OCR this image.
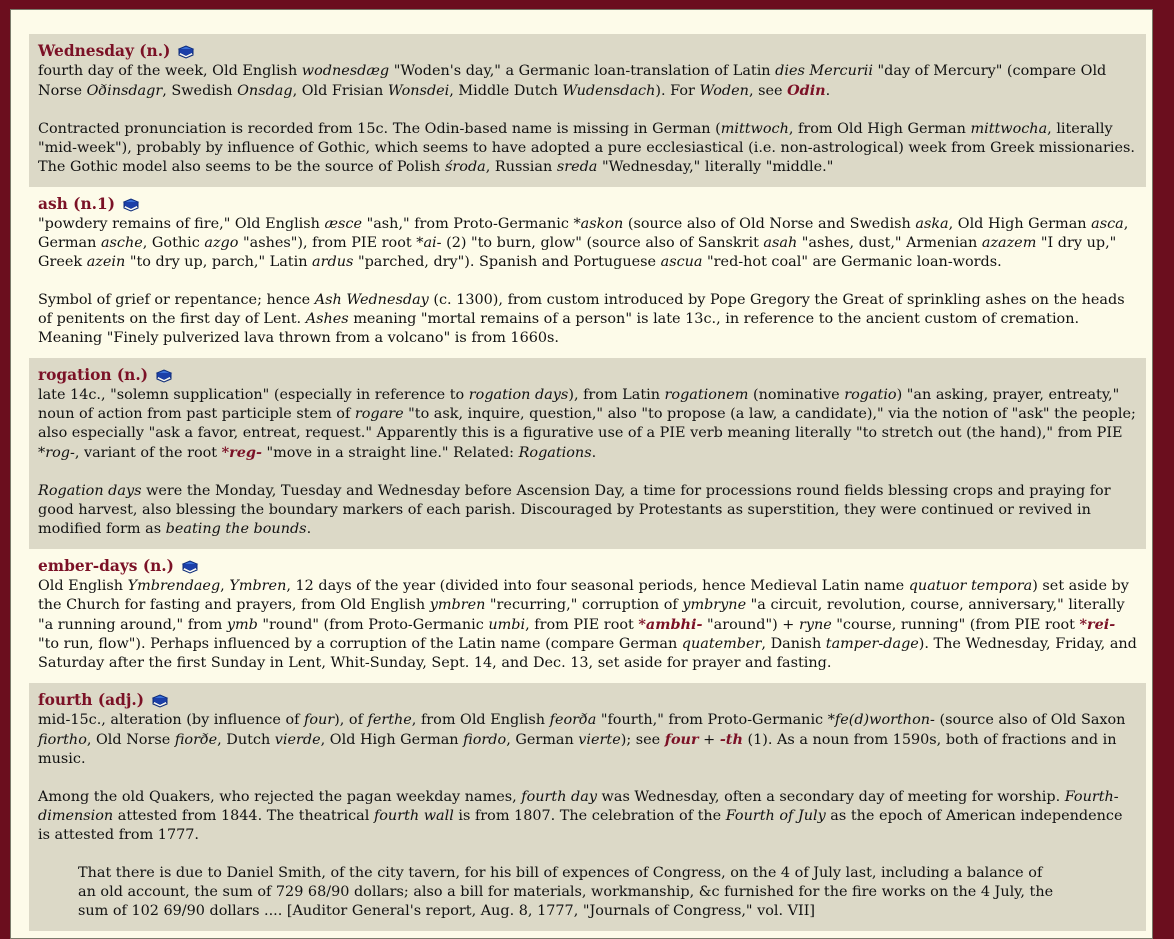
Wednesday (n.)

fourth day of the week, Old English wodnesdæg "Woden's day," a Germanic loan-translation of Latin dies Mercurii "day of Mercury" (compare Old Norse Oðinsdagr, Swedish Onsdag, Old Frisian Wonsdei, Middle Dutch Wudensdach). For Woden, see Odin.

Contracted pronunciation is recorded from 15c. The Odin-based name is missing in German (mittwoch, from Old High German mittwocha, literally "mid-week"), probably by influence of Gothic, which seems to have adopted a pure ecclesiastical (i.e. non-astrological) week from Greek missionaries. The Gothic model also seems to be the source of Polish środa, Russian sreda "Wednesday," literally "middle."

ash (n.1)

"powdery remains of fire," Old English æsce "ash," from Proto-Germanic *askon (source also of Old Norse and Swedish aska, Old High German asca, German asche, Gothic azgo "ashes"), from PIE root *ai- (2) "to burn, glow" (source also of Sanskrit asah "ashes, dust," Armenian azazem "I dry up," Greek azein "to dry up, parch," Latin ardus "parched, dry"). Spanish and Portuguese ascua "red-hot coal" are Germanic loan-words.

Symbol of grief or repentance; hence Ash Wednesday (c. 1300), from custom introduced by Pope Gregory the Great of sprinkling ashes on the heads of penitents on the first day of Lent. Ashes meaning "mortal remains of a person" is late 13c., in reference to the ancient custom of cremation. Meaning "Finely pulverized lava thrown from a volcano" is from 1660s.

rogation (n.)

late 14c., "solemn supplication" (especially in reference to rogation days), from Latin rogationem (nominative rogatio) "an asking, prayer, entreaty," noun of action from past participle stem of rogare "to ask, inquire, question," also "to propose (a law, a candidate)," via the notion of "ask" the people; also especially "ask a favor, entreat, request." Apparently this is a figurative use of a PIE verb meaning literally "to stretch out (the hand)," from PIE *rog-, variant of the root *reg- "move in a straight line." Related: Rogations.

Rogation days were the Monday, Tuesday and Wednesday before Ascension Day, a time for processions round fields blessing crops and praying for good harvest, also blessing the boundary markers of each parish. Discouraged by Protestants as superstition, they were continued or revived in modified form as beating the bounds.

ember-days (n.)

Old English Ymbrendaeg, Ymbren, 12 days of the year (divided into four seasonal periods, hence Medieval Latin name quatuor tempora) set aside by the Church for fasting and prayers, from Old English ymbren "recurring," corruption of ymbryne "a circuit, revolution, course, anniversary," literally "a running around," from ymb "round" (from Proto-Germanic umbi, from PIE root *ambhi- "around") + ryne "course, running" (from PIE root *rei- "to run, flow"). Perhaps influenced by a corruption of the Latin name (compare German quatember, Danish tamper-dage). The Wednesday, Friday, and Saturday after the first Sunday in Lent, Whit-Sunday, Sept. 14, and Dec. 13, set aside for prayer and fasting.

fourth (adj.)

mid-15c., alteration (by influence of four), of ferthe, from Old English feorða "fourth," from Proto-Germanic *fe(d)worthon- (source also of Old Saxon fiortho, Old Norse fiorðe, Dutch vierde, Old High German fiordo, German vierte); see four + -th (1). As a noun from 1590s, both of fractions and in music.

Among the old Quakers, who rejected the pagan weekday names, fourth day was Wednesday, often a secondary day of meeting for worship. Fourth-dimension attested from 1844. The theatrical fourth wall is from 1807. The celebration of the Fourth of July as the epoch of American independence is attested from 1777.

That there is due to Daniel Smith, of the city tavern, for his bill of expences of Congress, on the 4 of July last, including a balance of an old account, the sum of 729 68/90 dollars; also a bill for materials, workmanship, &c furnished for the fire works on the 4 July, the sum of 102 69/90 dollars .... [Auditor General's report, Aug. 8, 1777, "Journals of Congress," vol. VII]
